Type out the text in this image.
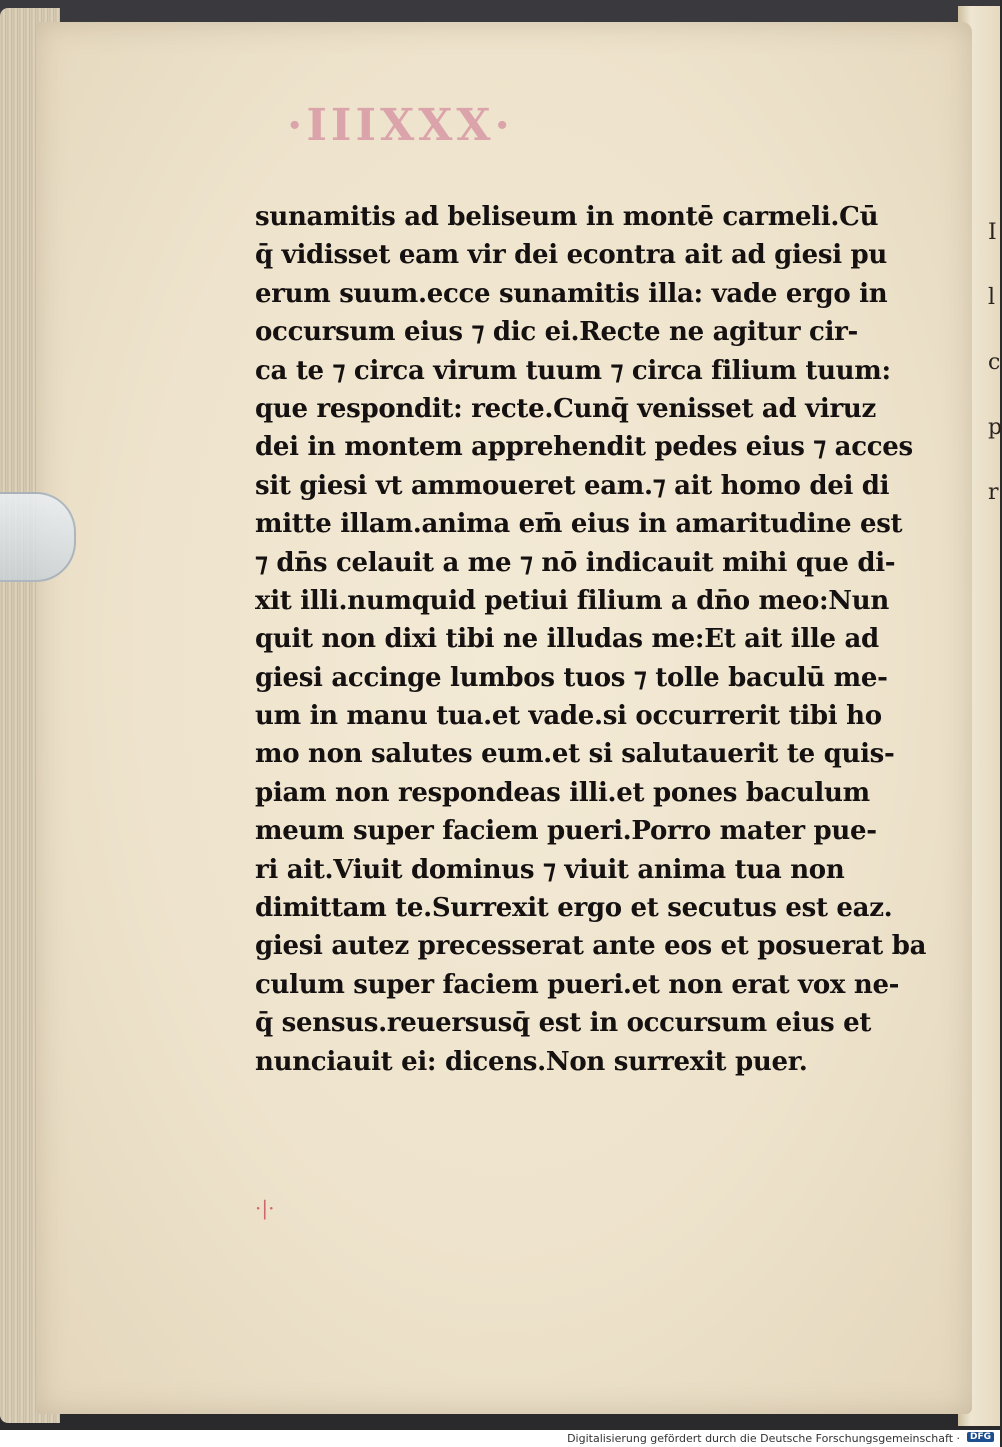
I
l
c
p
r
·IIIXXX·
sunamitis ad beliseum in montē carmeli.Cū
q̄ vidisset eam vir dei econtra ait ad giesi pu
erum suum.ecce sunamitis illa: vade ergo in
occursum eius ⁊ dic ei.Recte ne agitur cir-
ca te ⁊ circa virum tuum ⁊ circa filium tuum:
que respondit: recte.Cunq̄ venisset ad viruz
dei in montem apprehendit pedes eius ⁊ acces
sit giesi vt ammoueret eam.⁊ ait homo dei di
mitte illam.anima em̄ eius in amaritudine est
⁊ dn̄s celauit a me ⁊ nō indicauit mihi que di-
xit illi.numquid petiui filium a dn̄o meo:Nun
quit non dixi tibi ne illudas me:Et ait ille ad
giesi accinge lumbos tuos ⁊ tolle baculū me-
um in manu tua.et vade.si occurrerit tibi ho
mo non salutes eum.et si salutauerit te quis-
piam non respondeas illi.et pones baculum
meum super faciem pueri.Porro mater pue-
ri ait.Viuit dominus ⁊ viuit anima tua non
dimittam te.Surrexit ergo et secutus est eaz.
giesi autez precesserat ante eos et posuerat ba
culum super faciem pueri.et non erat vox ne-
q̄ sensus.reuersusq̄ est in occursum eius et
nunciauit ei: dicens.Non surrexit puer.
·|·
Digitalisierung gefördert durch die Deutsche Forschungsgemeinschaft ·	DFG
